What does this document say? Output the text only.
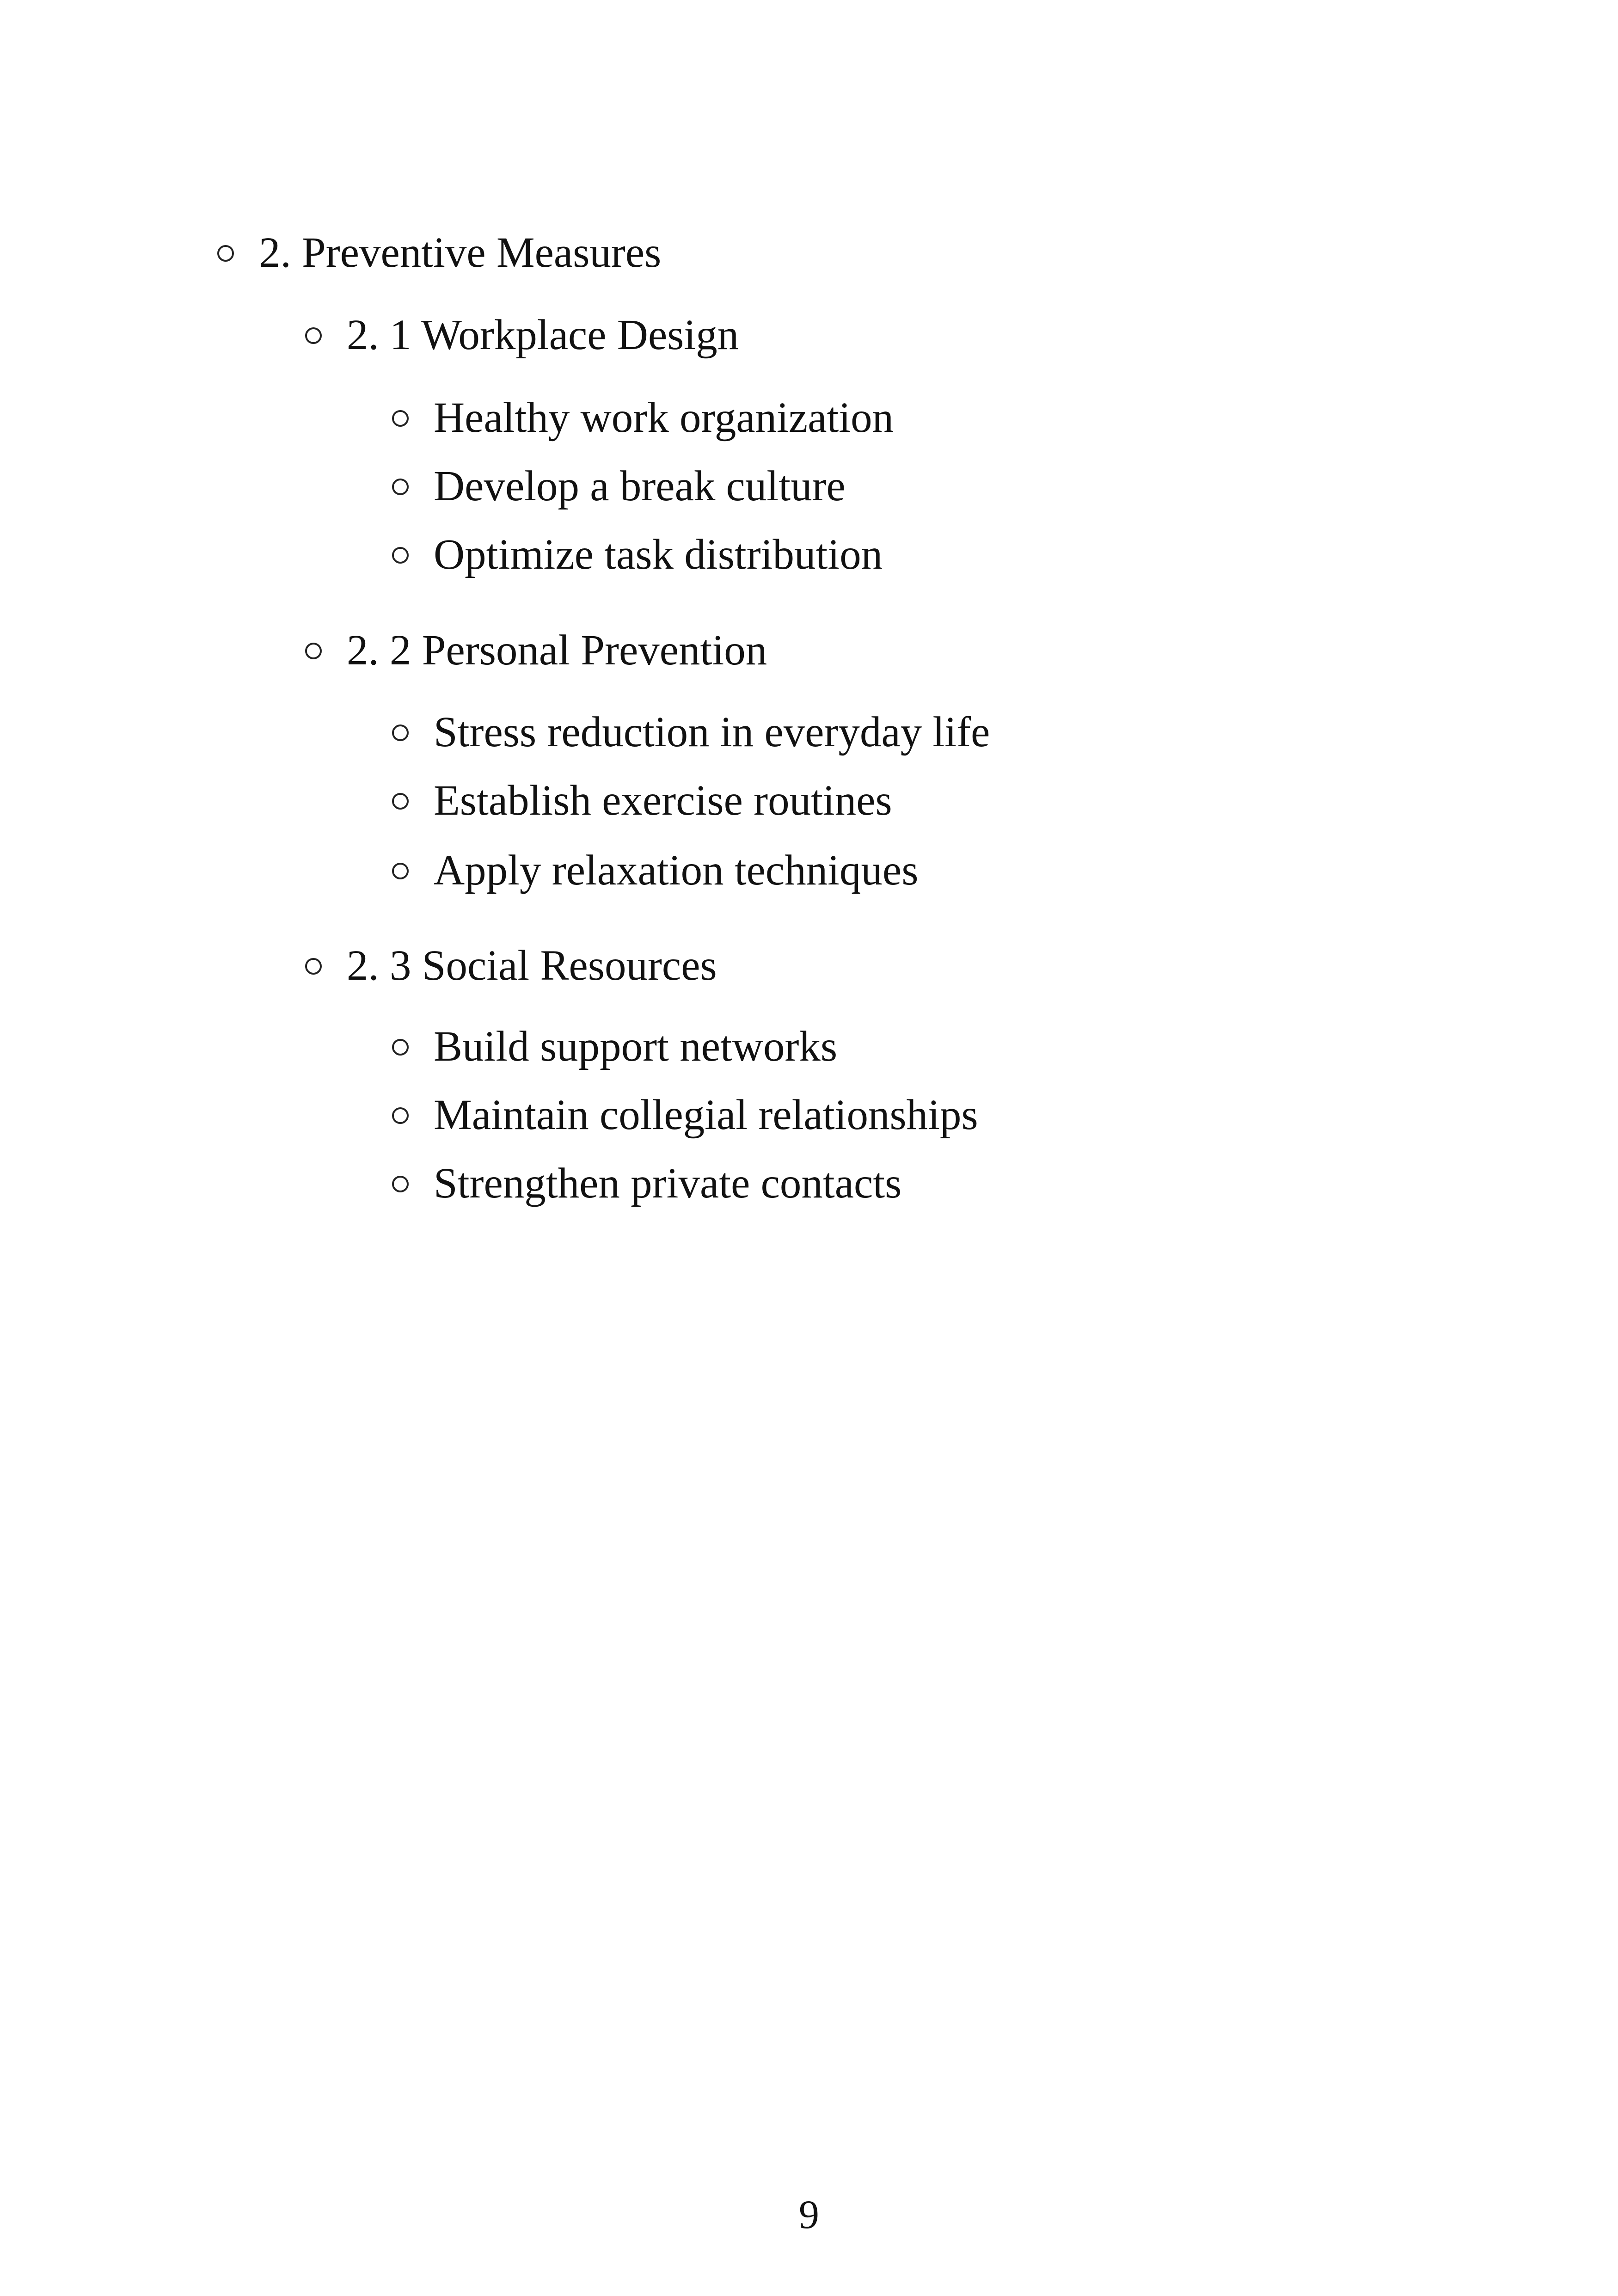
2. Preventive Measures
2. 1 Workplace Design
Healthy work organization
Develop a break culture
Optimize task distribution
2. 2 Personal Prevention
Stress reduction in everyday life
Establish exercise routines
Apply relaxation techniques
2. 3 Social Resources
Build support networks
Maintain collegial relationships
Strengthen private contacts
9
